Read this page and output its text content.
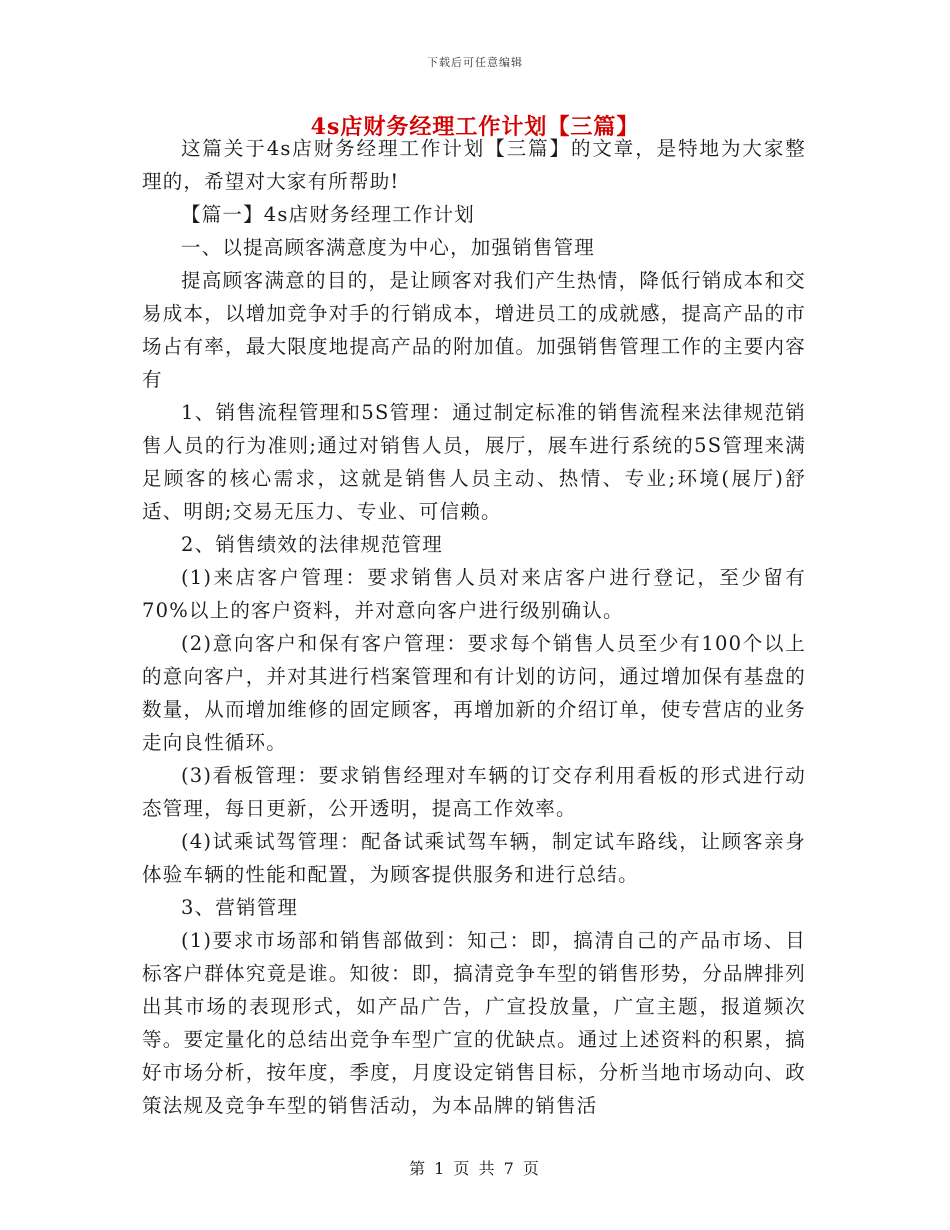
下载后可任意编辑
4s店财务经理工作计划【三篇】

这篇关于4s店财务经理工作计划【三篇】的文章，是特地为大家整理的，希望对大家有所帮助!

【篇一】4s店财务经理工作计划

一、以提高顾客满意度为中心，加强销售管理

提高顾客满意的目的，是让顾客对我们产生热情，降低行销成本和交易成本，以增加竞争对手的行销成本，增进员工的成就感，提高产品的市场占有率，最大限度地提高产品的附加值。加强销售管理工作的主要内容有

1、销售流程管理和5S管理：通过制定标准的销售流程来法律规范销售人员的行为准则;通过对销售人员，展厅，展车进行系统的5S管理来满足顾客的核心需求，这就是销售人员主动、热情、专业;环境(展厅)舒适、明朗;交易无压力、专业、可信赖。

2、销售绩效的法律规范管理

(1)来店客户管理：要求销售人员对来店客户进行登记，至少留有70%以上的客户资料，并对意向客户进行级别确认。

(2)意向客户和保有客户管理：要求每个销售人员至少有100个以上的意向客户，并对其进行档案管理和有计划的访问，通过增加保有基盘的数量，从而增加维修的固定顾客，再增加新的介绍订单，使专营店的业务走向良性循环。

(3)看板管理：要求销售经理对车辆的订交存利用看板的形式进行动态管理，每日更新，公开透明，提高工作效率。

(4)试乘试驾管理：配备试乘试驾车辆，制定试车路线，让顾客亲身体验车辆的性能和配置，为顾客提供服务和进行总结。

3、营销管理

(1)要求市场部和销售部做到：知己：即，搞清自己的产品市场、目标客户群体究竟是谁。知彼：即，搞清竞争车型的销售形势，分品牌排列出其市场的表现形式，如产品广告，广宣投放量，广宣主题，报道频次等。要定量化的总结出竞争车型广宣的优缺点。通过上述资料的积累，搞好市场分析，按年度，季度，月度设定销售目标，分析当地市场动向、政策法规及竞争车型的销售活动，为本品牌的销售活

第 1 页 共 7 页
